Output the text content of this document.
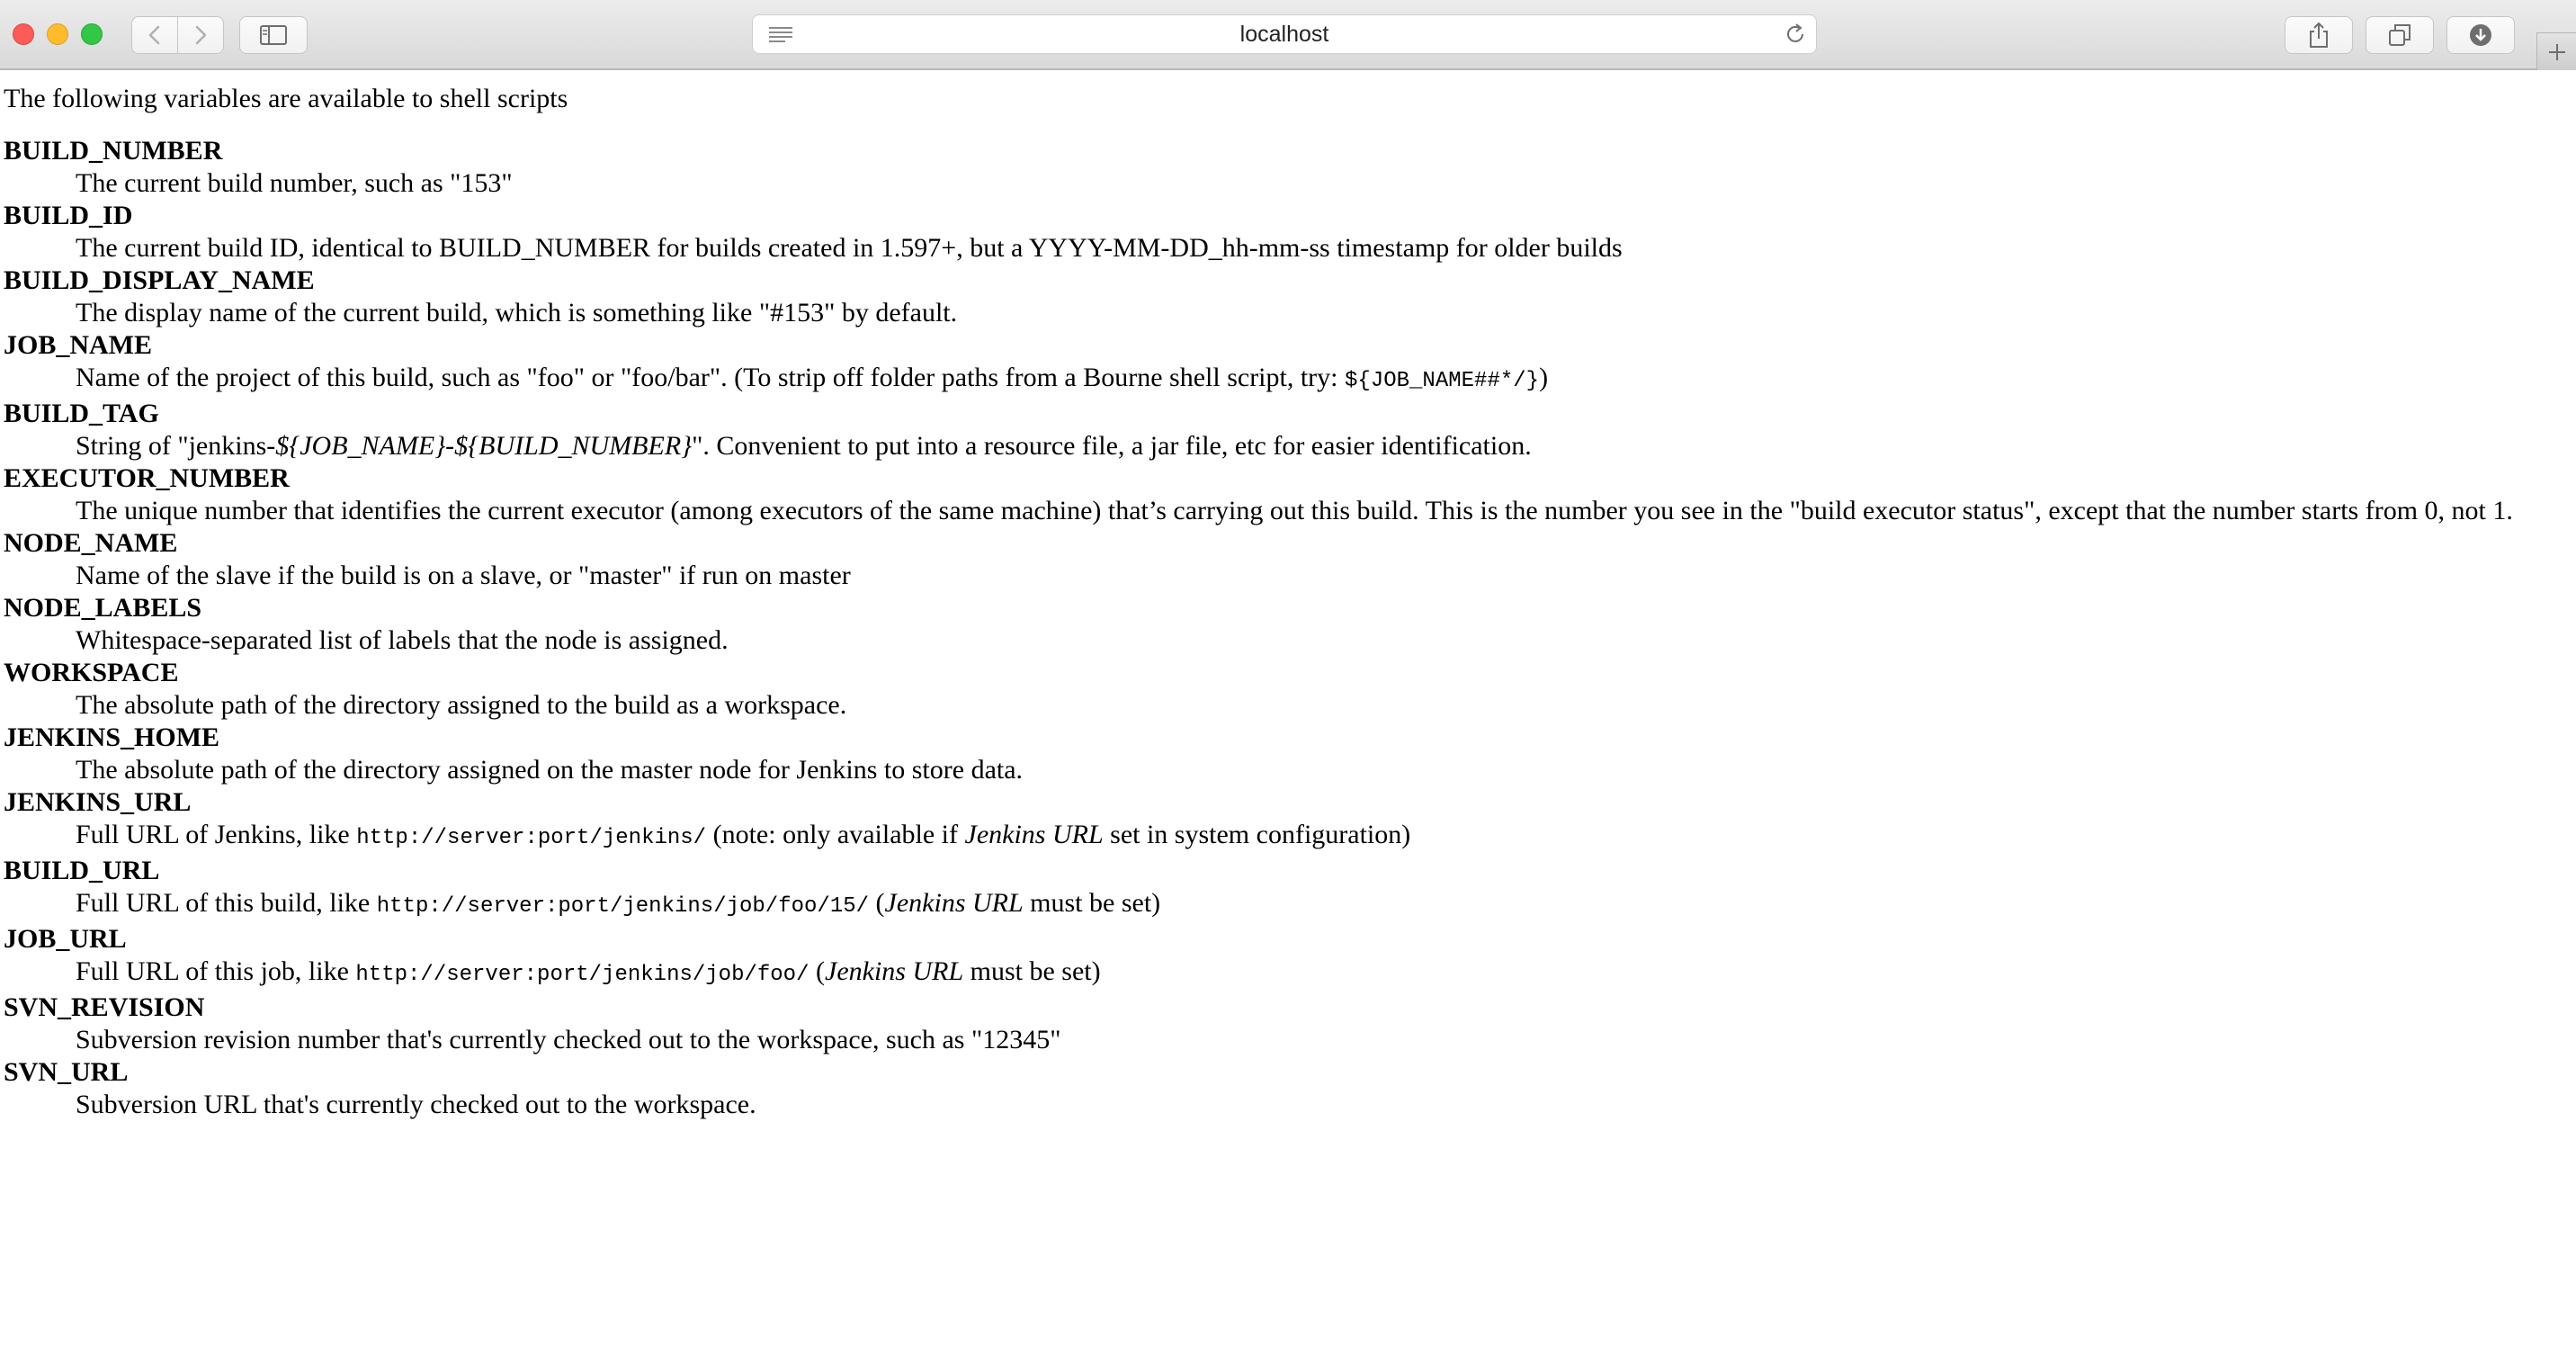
localhost
The following variables are available to shell scripts
BUILD_NUMBER
The current build number, such as "153"
BUILD_ID
The current build ID, identical to BUILD_NUMBER for builds created in 1.597+, but a YYYY-MM-DD_hh-mm-ss timestamp for older builds
BUILD_DISPLAY_NAME
The display name of the current build, which is something like "#153" by default.
JOB_NAME
Name of the project of this build, such as "foo" or "foo/bar". (To strip off folder paths from a Bourne shell script, try: ${JOB_NAME##*/})
BUILD_TAG
String of "jenkins-${JOB_NAME}-${BUILD_NUMBER}". Convenient to put into a resource file, a jar file, etc for easier identification.
EXECUTOR_NUMBER
The unique number that identifies the current executor (among executors of the same machine) that’s carrying out this build. This is the number you see in the "build executor status", except that the number starts from 0, not 1.
NODE_NAME
Name of the slave if the build is on a slave, or "master" if run on master
NODE_LABELS
Whitespace-separated list of labels that the node is assigned.
WORKSPACE
The absolute path of the directory assigned to the build as a workspace.
JENKINS_HOME
The absolute path of the directory assigned on the master node for Jenkins to store data.
JENKINS_URL
Full URL of Jenkins, like http://server:port/jenkins/ (note: only available if Jenkins URL set in system configuration)
BUILD_URL
Full URL of this build, like http://server:port/jenkins/job/foo/15/ (Jenkins URL must be set)
JOB_URL
Full URL of this job, like http://server:port/jenkins/job/foo/ (Jenkins URL must be set)
SVN_REVISION
Subversion revision number that's currently checked out to the workspace, such as "12345"
SVN_URL
Subversion URL that's currently checked out to the workspace.
